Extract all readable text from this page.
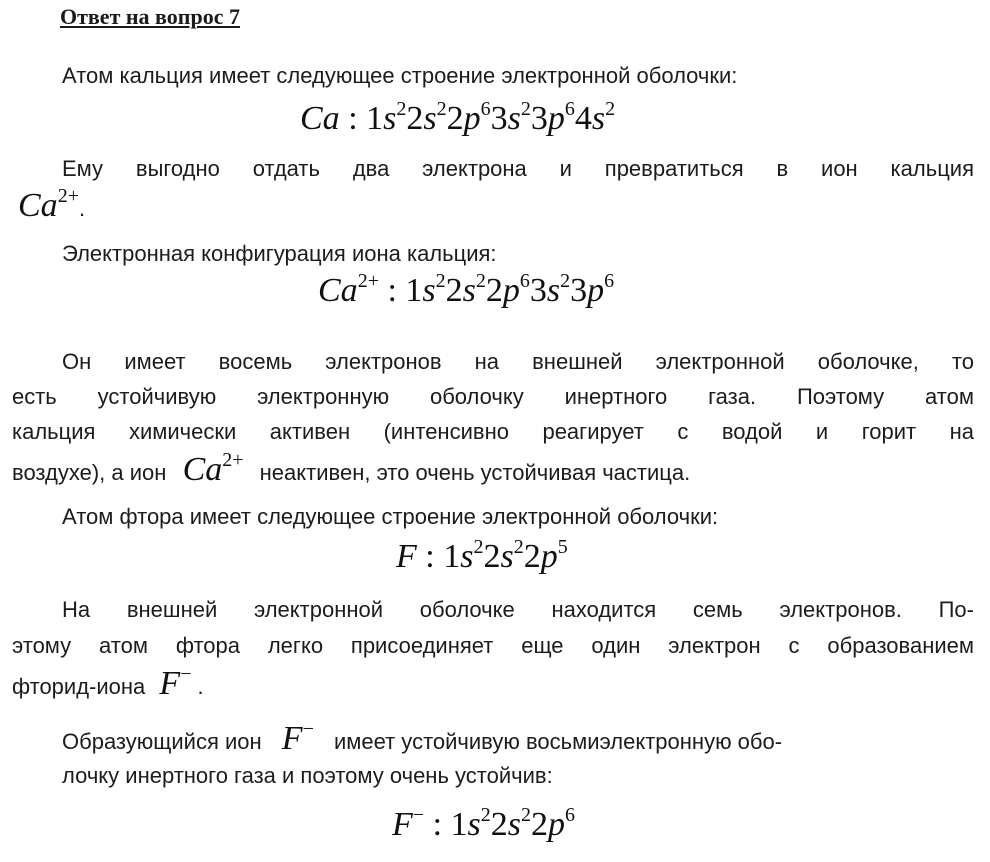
Ответ на вопрос 7
Атом кальция имеет следующее строение электронной оболочки:
Ca : $1s^22s^22p^63s^23p^64s^2$
Ему выгодно отдать два электрона и превратиться в ион кальция
$Ca^{2+}$.
Электронная конфигурация иона кальция:
$Ca^{2+}$ : $1s^22s^22p^63s^23p^6$
Он имеет восемь электронов на внешней электронной оболочке, то
есть устойчивую электронную оболочку инертного газа. Поэтому атом
кальция химически активен (интенсивно реагирует с водой и горит на
воздухе), а ион $Ca^{2+}$ неактивен, это очень устойчивая частица.
Атом фтора имеет следующее строение электронной оболочки:
F : $1s^22s^22p^5$
На внешней электронной оболочке находится семь электронов. По-
этому атом фтора легко присоединяет еще один электрон с образованием
фторид-иона F− .
Образующийся ион F− имеет устойчивую восьмиэлектронную обо-
лочку инертного газа и поэтому очень устойчив:
F− : $1s^22s^22p^6$
